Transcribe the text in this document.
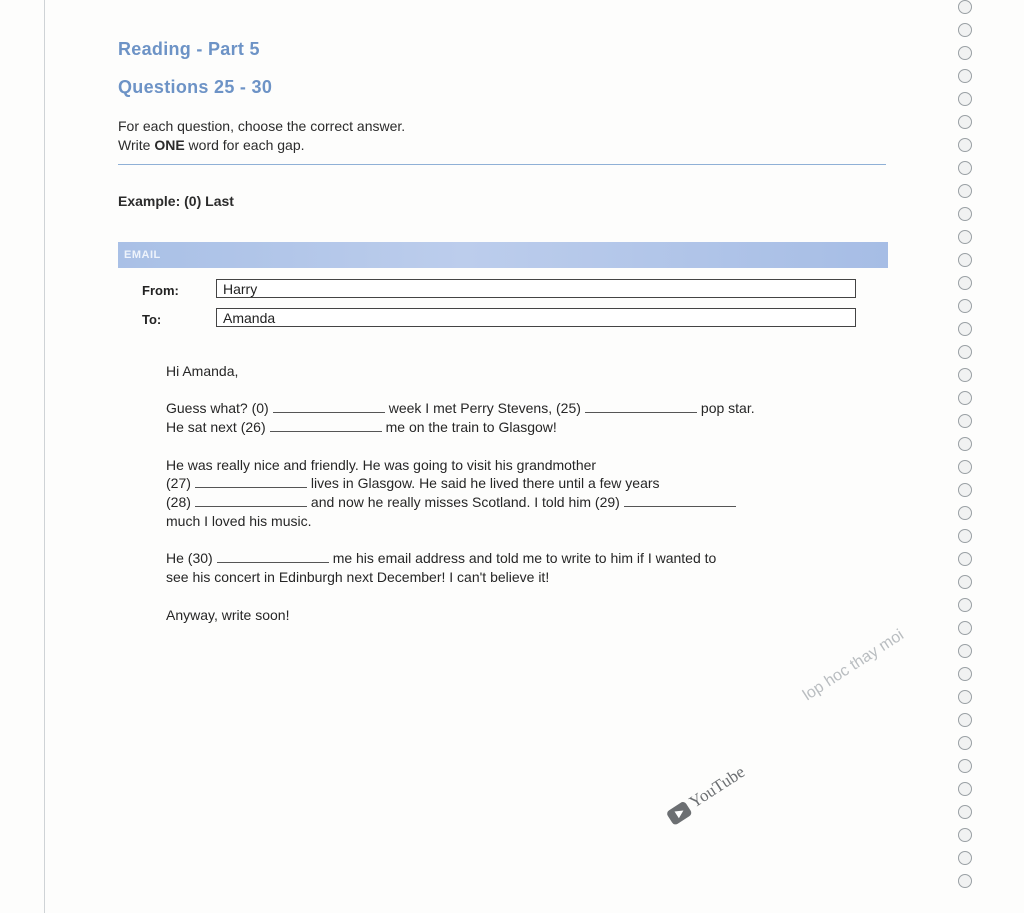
Reading - Part 5
Questions 25 - 30
For each question, choose the correct answer.
Write ONE word for each gap.
Example: (0) Last
EMAIL
From:	Harry
To:	Amanda
Hi Amanda,
Guess what? (0)	week I met Perry Stevens, (25)	pop star.
He sat next (26)	me on the train to Glasgow!
He was really nice and friendly. He was going to visit his grandmother
(27)	lives in Glasgow. He said he lived there until a few years
(28)	and now he really misses Scotland. I told him (29)
much I loved his music.
He (30)	me his email address and told me to write to him if I wanted to
see his concert in Edinburgh next December! I can't believe it!
Anyway, write soon!
lop hoc thay moi
YouTube
